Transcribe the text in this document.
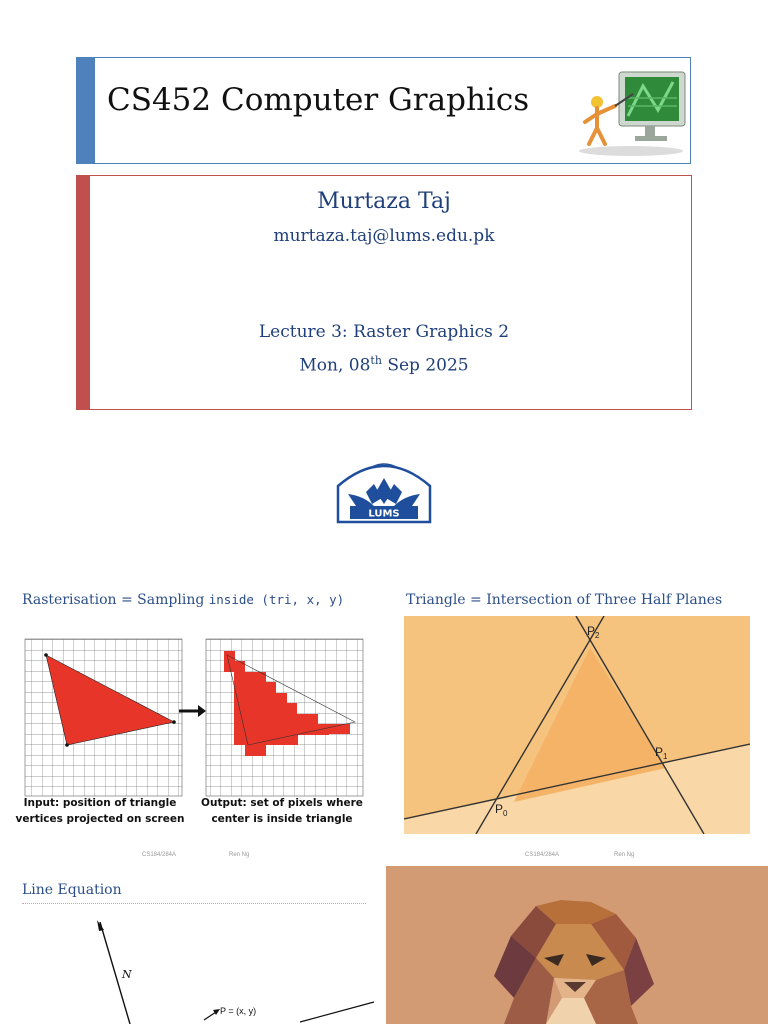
CS452 Computer Graphics
Murtaza Taj
murtaza.taj@lums.edu.pk
Lecture 3: Raster Graphics 2
Mon, 08th Sep 2025
LUMS
Rasterisation = Sampling inside (tri, x, y)
Input: position of triangle
vertices projected on screen
Output: set of pixels where
center is inside triangle
CS184/284A	Ren Ng
Triangle = Intersection of Three Half Planes
P 0
P 1
P 2
CS184/284A	Ren Ng
Line Equation
N
P = (x, y)
